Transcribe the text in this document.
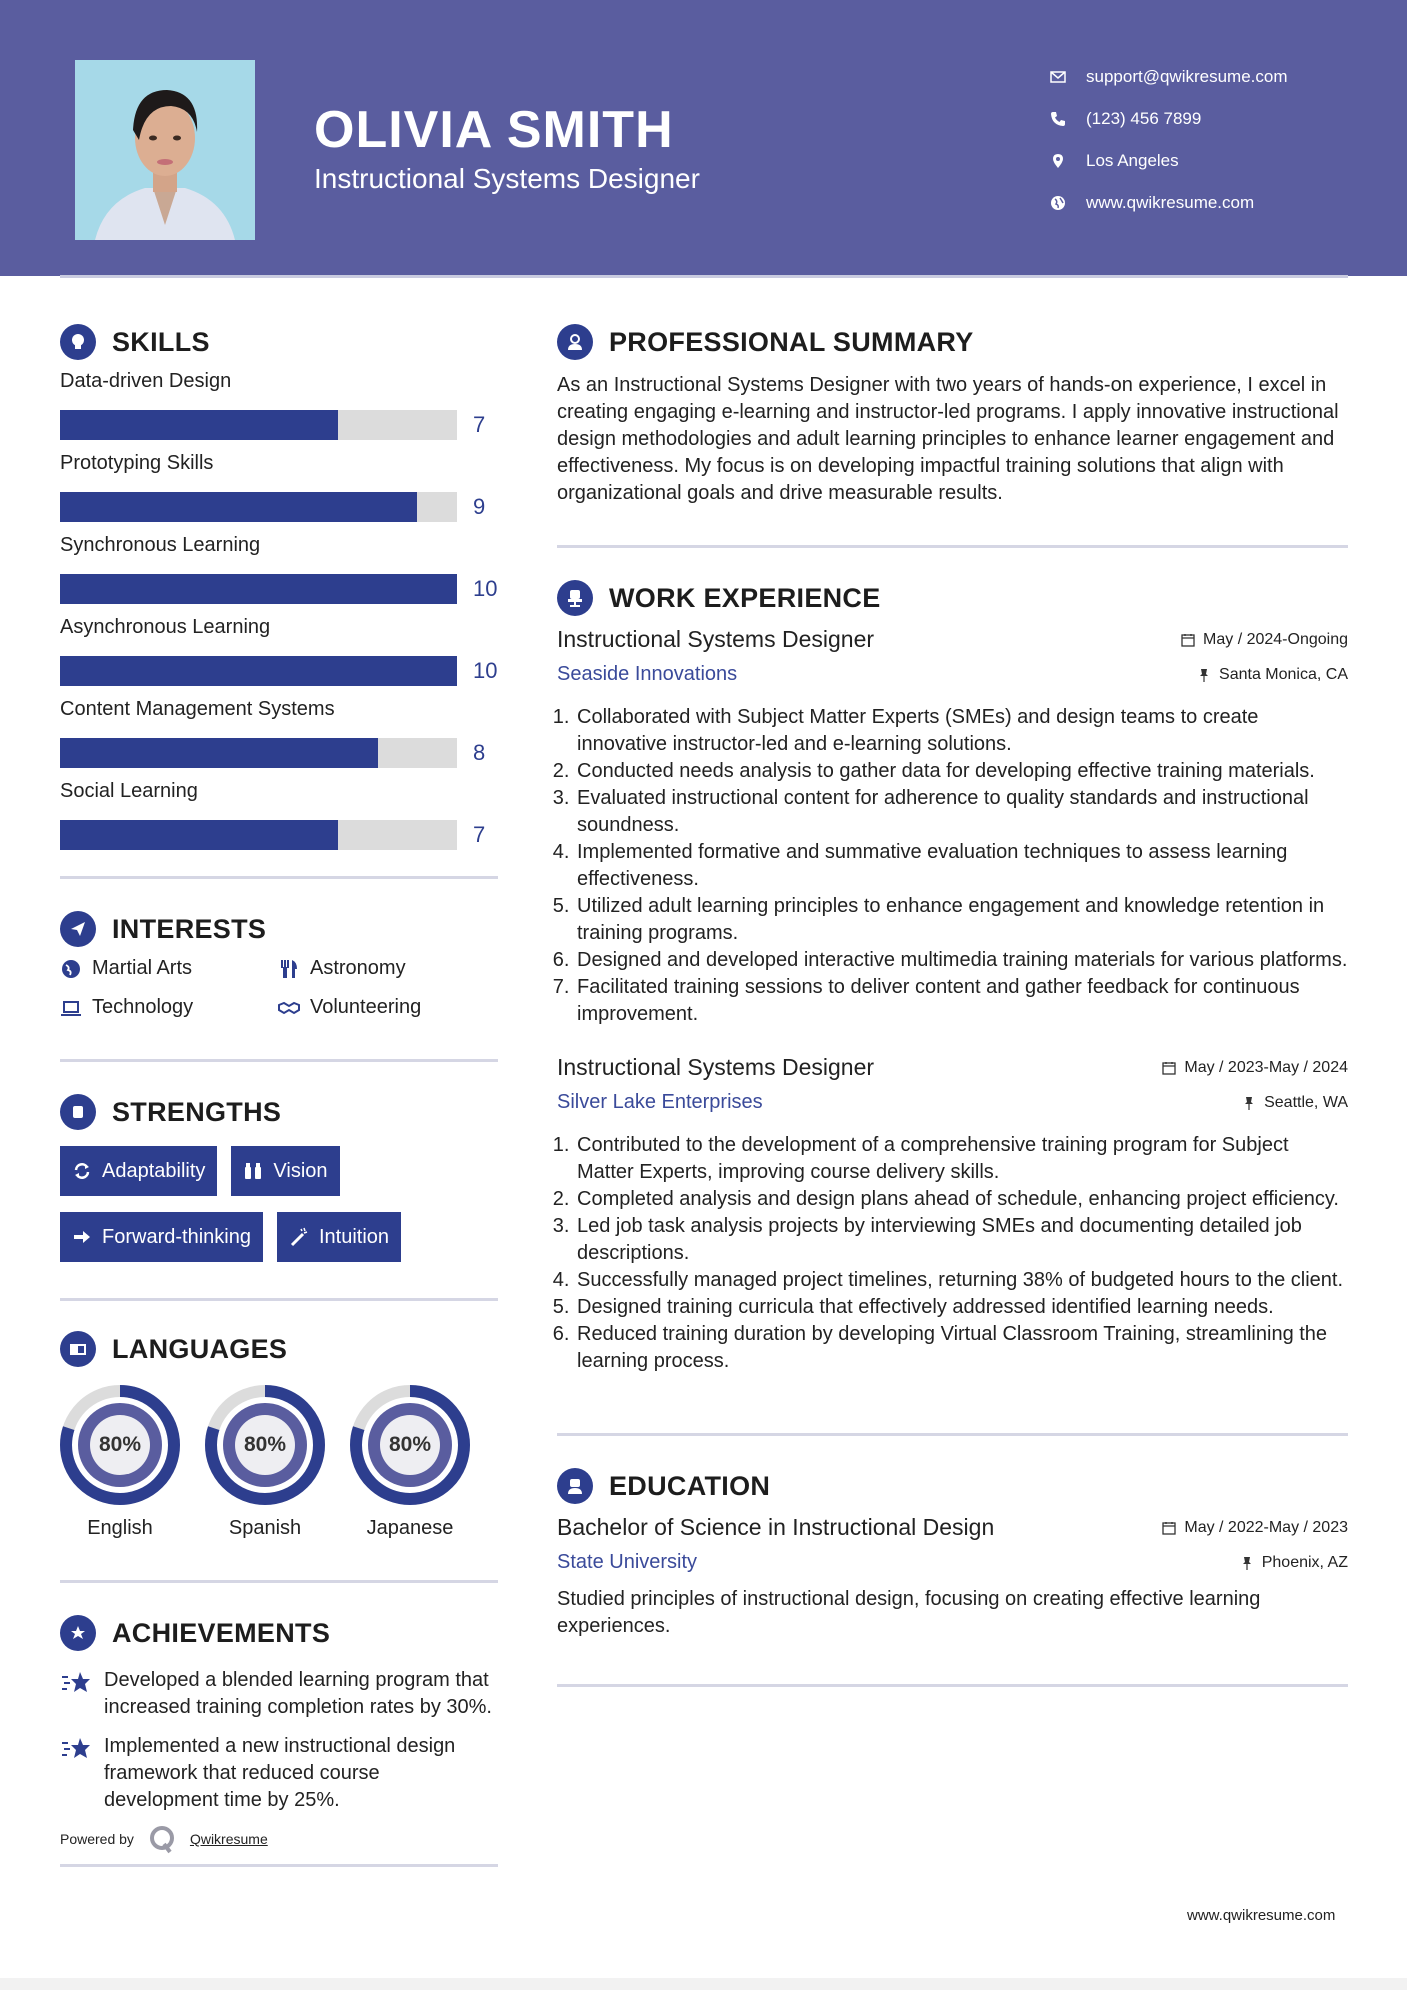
OLIVIA SMITH
Instructional Systems Designer
support@qwikresume.com
(123) 456 7899
Los Angeles
www.qwikresume.com
SKILLS
Data-driven Design
7
Prototyping Skills
9
Synchronous Learning
10
Asynchronous Learning
10
Content Management Systems
8
Social Learning
7
INTERESTS
Martial Arts	Astronomy
Technology	Volunteering
STRENGTHS
Adaptability	Vision
Forward-thinking	Intuition
LANGUAGES
80%
English
80%
Spanish
80%
Japanese
ACHIEVEMENTS
Developed a blended learning program that increased training completion rates by 30%.
Implemented a new instructional design framework that reduced course development time by 25%.
Powered by	Qwikresume
PROFESSIONAL SUMMARY
As an Instructional Systems Designer with two years of hands-on experience, I excel in creating engaging e-learning and instructor-led programs. I apply innovative instructional design methodologies and adult learning principles to enhance learner engagement and effectiveness. My focus is on developing impactful training solutions that align with organizational goals and drive measurable results.
WORK EXPERIENCE
Instructional Systems Designer	May / 2024-Ongoing
Seaside Innovations	Santa Monica, CA
1. Collaborated with Subject Matter Experts (SMEs) and design teams to create innovative instructor-led and e-learning solutions.
2. Conducted needs analysis to gather data for developing effective training materials.
3. Evaluated instructional content for adherence to quality standards and instructional soundness.
4. Implemented formative and summative evaluation techniques to assess learning effectiveness.
5. Utilized adult learning principles to enhance engagement and knowledge retention in training programs.
6. Designed and developed interactive multimedia training materials for various platforms.
7. Facilitated training sessions to deliver content and gather feedback for continuous improvement.
Instructional Systems Designer	May / 2023-May / 2024
Silver Lake Enterprises	Seattle, WA
1. Contributed to the development of a comprehensive training program for Subject Matter Experts, improving course delivery skills.
2. Completed analysis and design plans ahead of schedule, enhancing project efficiency.
3. Led job task analysis projects by interviewing SMEs and documenting detailed job descriptions.
4. Successfully managed project timelines, returning 38% of budgeted hours to the client.
5. Designed training curricula that effectively addressed identified learning needs.
6. Reduced training duration by developing Virtual Classroom Training, streamlining the learning process.
EDUCATION
Bachelor of Science in Instructional Design	May / 2022-May / 2023
State University	Phoenix, AZ
Studied principles of instructional design, focusing on creating effective learning experiences.
www.qwikresume.com
